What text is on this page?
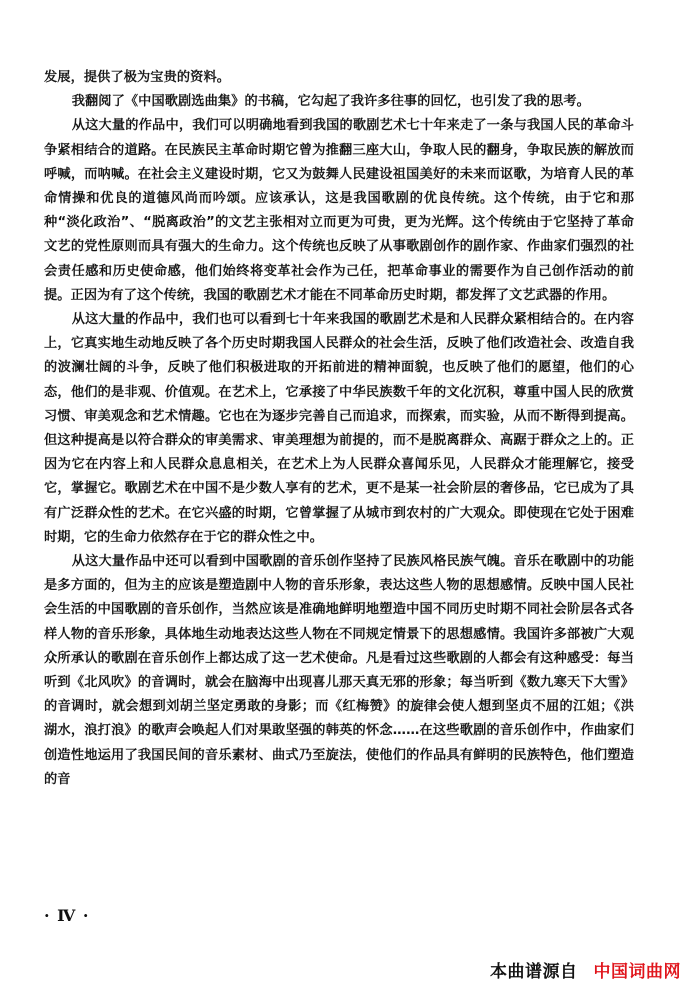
发展，提供了极为宝贵的资料。

我翻阅了《中国歌剧选曲集》的书稿，它勾起了我许多往事的回忆，也引发了我的思考。

从这大量的作品中，我们可以明确地看到我国的歌剧艺术七十年来走了一条与我国人民的革命斗争紧相结合的道路。在民族民主革命时期它曾为推翻三座大山，争取人民的翻身，争取民族的解放而呼喊，而呐喊。在社会主义建设时期，它又为鼓舞人民建设祖国美好的未来而讴歌，为培育人民的革命情操和优良的道德风尚而吟颂。应该承认，这是我国歌剧的优良传统。这个传统，由于它和那种“淡化政治”、“脱离政治”的文艺主张相对立而更为可贵，更为光辉。这个传统由于它坚持了革命文艺的党性原则而具有强大的生命力。这个传统也反映了从事歌剧创作的剧作家、作曲家们强烈的社会责任感和历史使命感，他们始终将变革社会作为己任，把革命事业的需要作为自己创作活动的前提。正因为有了这个传统，我国的歌剧艺术才能在不同革命历史时期，都发挥了文艺武器的作用。

从这大量的作品中，我们也可以看到七十年来我国的歌剧艺术是和人民群众紧相结合的。在内容上，它真实地生动地反映了各个历史时期我国人民群众的社会生活，反映了他们改造社会、改造自我的波澜壮阔的斗争，反映了他们积极进取的开拓前进的精神面貌，也反映了他们的愿望，他们的心态，他们的是非观、价值观。在艺术上，它承接了中华民族数千年的文化沉积，尊重中国人民的欣赏习惯、审美观念和艺术情趣。它也在为逐步完善自己而追求，而探索，而实验，从而不断得到提高。但这种提高是以符合群众的审美需求、审美理想为前提的，而不是脱离群众、高踞于群众之上的。正因为它在内容上和人民群众息息相关，在艺术上为人民群众喜闻乐见，人民群众才能理解它，接受它，掌握它。歌剧艺术在中国不是少数人享有的艺术，更不是某一社会阶层的奢侈品，它已成为了具有广泛群众性的艺术。在它兴盛的时期，它曾掌握了从城市到农村的广大观众。即使现在它处于困难时期，它的生命力依然存在于它的群众性之中。

从这大量作品中还可以看到中国歌剧的音乐创作坚持了民族风格民族气魄。音乐在歌剧中的功能是多方面的，但为主的应该是塑造剧中人物的音乐形象，表达这些人物的思想感情。反映中国人民社会生活的中国歌剧的音乐创作，当然应该是准确地鲜明地塑造中国不同历史时期不同社会阶层各式各样人物的音乐形象，具体地生动地表达这些人物在不同规定情景下的思想感情。我国许多部被广大观众所承认的歌剧在音乐创作上都达成了这一艺术使命。凡是看过这些歌剧的人都会有这种感受：每当听到《北风吹》的音调时，就会在脑海中出现喜儿那天真无邪的形象；每当听到《数九寒天下大雪》的音调时，就会想到刘胡兰坚定勇敢的身影；而《红梅赞》的旋律会使人想到坚贞不屈的江姐；《洪湖水，浪打浪》的歌声会唤起人们对果敢坚强的韩英的怀念……在这些歌剧的音乐创作中，作曲家们创造性地运用了我国民间的音乐素材、曲式乃至旋法，使他们的作品具有鲜明的民族特色，他们塑造的音

· Ⅳ ·
本曲谱源自 中国词曲网
